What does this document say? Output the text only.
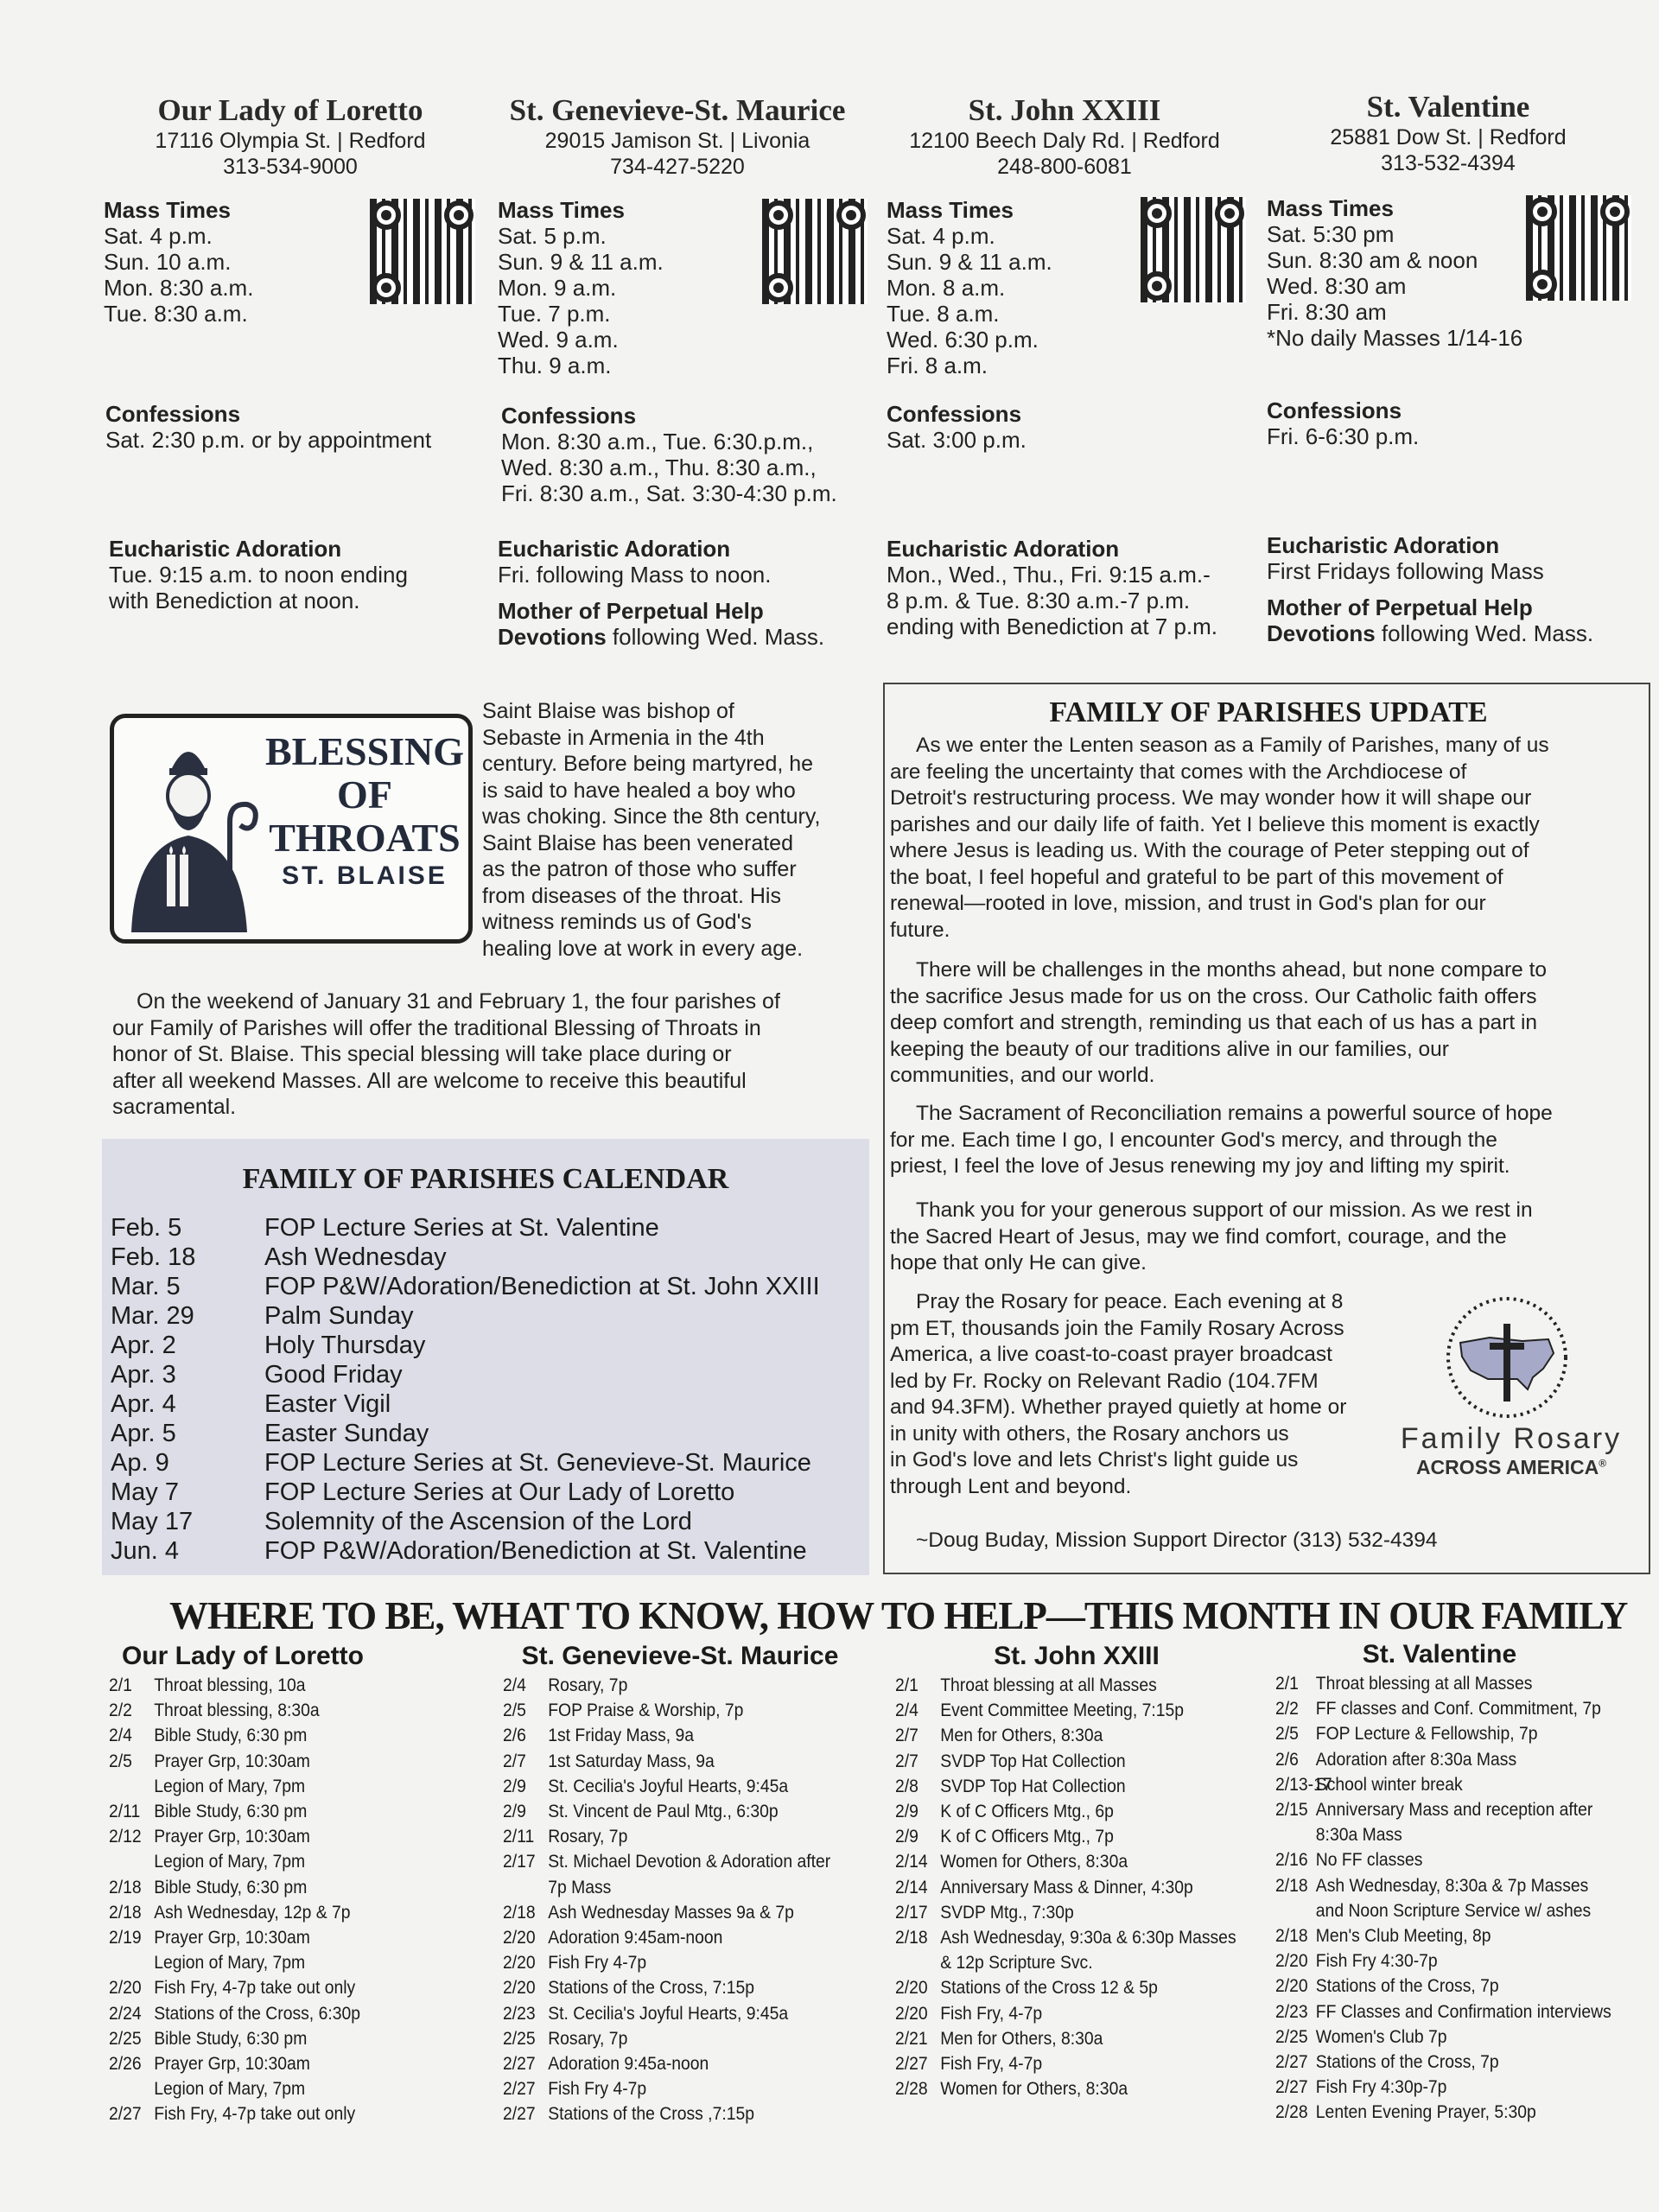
Our Lady of Loretto
17116 Olympia St. | Redford
313-534-9000
St. Genevieve-St. Maurice
29015 Jamison St. | Livonia
734-427-5220
St. John XXIII
12100 Beech Daly Rd. | Redford
248-800-6081
St. Valentine
25881 Dow St. | Redford
313-532-4394
Mass Times
Sat. 4 p.m.
Sun. 10 a.m.
Mon. 8:30 a.m.
Tue. 8:30 a.m.
Mass Times
Sat. 5 p.m.
Sun. 9 & 11 a.m.
Mon. 9 a.m.
Tue. 7 p.m.
Wed. 9 a.m.
Thu. 9 a.m.
Mass Times
Sat. 4 p.m.
Sun. 9 & 11 a.m.
Mon. 8 a.m.
Tue. 8 a.m.
Wed. 6:30 p.m.
Fri. 8 a.m.
Mass Times
Sat. 5:30 pm
Sun. 8:30 am & noon
Wed. 8:30 am
Fri. 8:30 am
*No daily Masses 1/14-16
Confessions
Sat. 2:30 p.m. or by appointment
Confessions
Mon. 8:30 a.m., Tue. 6:30.p.m.,
Wed. 8:30 a.m., Thu. 8:30 a.m.,
Fri. 8:30 a.m., Sat. 3:30-4:30 p.m.
Confessions
Sat. 3:00 p.m.
Confessions
Fri. 6-6:30 p.m.
Eucharistic Adoration
Tue. 9:15 a.m. to noon ending
with Benediction at noon.
Eucharistic Adoration
Fri. following Mass to noon.
Mother of Perpetual Help
Devotions following Wed. Mass.
Eucharistic Adoration
Mon., Wed., Thu., Fri. 9:15 a.m.-
8 p.m. & Tue. 8:30 a.m.-7 p.m.
ending with Benediction at 7 p.m.
Eucharistic Adoration
First Fridays following Mass
Mother of Perpetual Help
Devotions following Wed. Mass.
BLESSING
OF
THROATS
ST. BLAISE
Saint Blaise was bishop of
Sebaste in Armenia in the 4th
century. Before being martyred, he
is said to have healed a boy who
was choking. Since the 8th century,
Saint Blaise has been venerated
as the patron of those who suffer
from diseases of the throat. His
witness reminds us of God's
healing love at work in every age.
On the weekend of January 31 and February 1, the four parishes of
our Family of Parishes will offer the traditional Blessing of Throats in
honor of St. Blaise. This special blessing will take place during or
after all weekend Masses. All are welcome to receive this beautiful
sacramental.
FAMILY OF PARISHES CALENDAR
Feb. 5	FOP Lecture Series at St. Valentine
Feb. 18	Ash Wednesday
Mar. 5	FOP P&W/Adoration/Benediction at St. John XXIII
Mar. 29	Palm Sunday
Apr. 2	Holy Thursday
Apr. 3	Good Friday
Apr. 4	Easter Vigil
Apr. 5	Easter Sunday
Ap. 9	FOP Lecture Series at St. Genevieve-St. Maurice
May 7	FOP Lecture Series at Our Lady of Loretto
May 17	Solemnity of the Ascension of the Lord
Jun. 4	FOP P&W/Adoration/Benediction at St. Valentine
FAMILY OF PARISHES UPDATE
As we enter the Lenten season as a Family of Parishes, many of us
are feeling the uncertainty that comes with the Archdiocese of
Detroit's restructuring process. We may wonder how it will shape our
parishes and our daily life of faith. Yet I believe this moment is exactly
where Jesus is leading us. With the courage of Peter stepping out of
the boat, I feel hopeful and grateful to be part of this movement of
renewal—rooted in love, mission, and trust in God's plan for our
future.
There will be challenges in the months ahead, but none compare to
the sacrifice Jesus made for us on the cross. Our Catholic faith offers
deep comfort and strength, reminding us that each of us has a part in
keeping the beauty of our traditions alive in our families, our
communities, and our world.
The Sacrament of Reconciliation remains a powerful source of hope
for me. Each time I go, I encounter God's mercy, and through the
priest, I feel the love of Jesus renewing my joy and lifting my spirit.
Thank you for your generous support of our mission. As we rest in
the Sacred Heart of Jesus, may we find comfort, courage, and the
hope that only He can give.
Pray the Rosary for peace. Each evening at 8
pm ET, thousands join the Family Rosary Across
America, a live coast-to-coast prayer broadcast
led by Fr. Rocky on Relevant Radio (104.7FM
and 94.3FM). Whether prayed quietly at home or
in unity with others, the Rosary anchors us
in God's love and lets Christ's light guide us
through Lent and beyond.
Family Rosary
ACROSS AMERICA®
~Doug Buday, Mission Support Director (313) 532-4394
WHERE TO BE, WHAT TO KNOW, HOW TO HELP—THIS MONTH IN OUR FAMILY
Our Lady of Loretto
2/1 Throat blessing, 10a
2/2 Throat blessing, 8:30a
2/4 Bible Study, 6:30 pm
2/5 Prayer Grp, 10:30am
Legion of Mary, 7pm
2/11 Bible Study, 6:30 pm
2/12 Prayer Grp, 10:30am
Legion of Mary, 7pm
2/18 Bible Study, 6:30 pm
2/18 Ash Wednesday, 12p & 7p
2/19 Prayer Grp, 10:30am
Legion of Mary, 7pm
2/20 Fish Fry, 4-7p take out only
2/24 Stations of the Cross, 6:30p
2/25 Bible Study, 6:30 pm
2/26 Prayer Grp, 10:30am
Legion of Mary, 7pm
2/27 Fish Fry, 4-7p take out only
St. Genevieve-St. Maurice
2/4 Rosary, 7p
2/5 FOP Praise & Worship, 7p
2/6 1st Friday Mass, 9a
2/7 1st Saturday Mass, 9a
2/9 St. Cecilia's Joyful Hearts, 9:45a
2/9 St. Vincent de Paul Mtg., 6:30p
2/11 Rosary, 7p
2/17 St. Michael Devotion & Adoration after
7p Mass
2/18 Ash Wednesday Masses 9a & 7p
2/20 Adoration 9:45am-noon
2/20 Fish Fry 4-7p
2/20 Stations of the Cross, 7:15p
2/23 St. Cecilia's Joyful Hearts, 9:45a
2/25 Rosary, 7p
2/27 Adoration 9:45a-noon
2/27 Fish Fry 4-7p
2/27 Stations of the Cross ,7:15p
St. John XXIII
2/1 Throat blessing at all Masses
2/4 Event Committee Meeting, 7:15p
2/7 Men for Others, 8:30a
2/7 SVDP Top Hat Collection
2/8 SVDP Top Hat Collection
2/9 K of C Officers Mtg., 6p
2/9 K of C Officers Mtg., 7p
2/14 Women for Others, 8:30a
2/14 Anniversary Mass & Dinner, 4:30p
2/17 SVDP Mtg., 7:30p
2/18 Ash Wednesday, 9:30a & 6:30p Masses
& 12p Scripture Svc.
2/20 Stations of the Cross 12 & 5p
2/20 Fish Fry, 4-7p
2/21 Men for Others, 8:30a
2/27 Fish Fry, 4-7p
2/28 Women for Others, 8:30a
St. Valentine
2/1 Throat blessing at all Masses
2/2 FF classes and Conf. Commitment, 7p
2/5 FOP Lecture & Fellowship, 7p
2/6 Adoration after 8:30a Mass
2/13-17School winter break
2/15 Anniversary Mass and reception after
8:30a Mass
2/16 No FF classes
2/18 Ash Wednesday, 8:30a & 7p Masses
and Noon Scripture Service w/ ashes
2/18 Men's Club Meeting, 8p
2/20 Fish Fry 4:30-7p
2/20 Stations of the Cross, 7p
2/23 FF Classes and Confirmation interviews
2/25 Women's Club 7p
2/27 Stations of the Cross, 7p
2/27 Fish Fry 4:30p-7p
2/28 Lenten Evening Prayer, 5:30p
